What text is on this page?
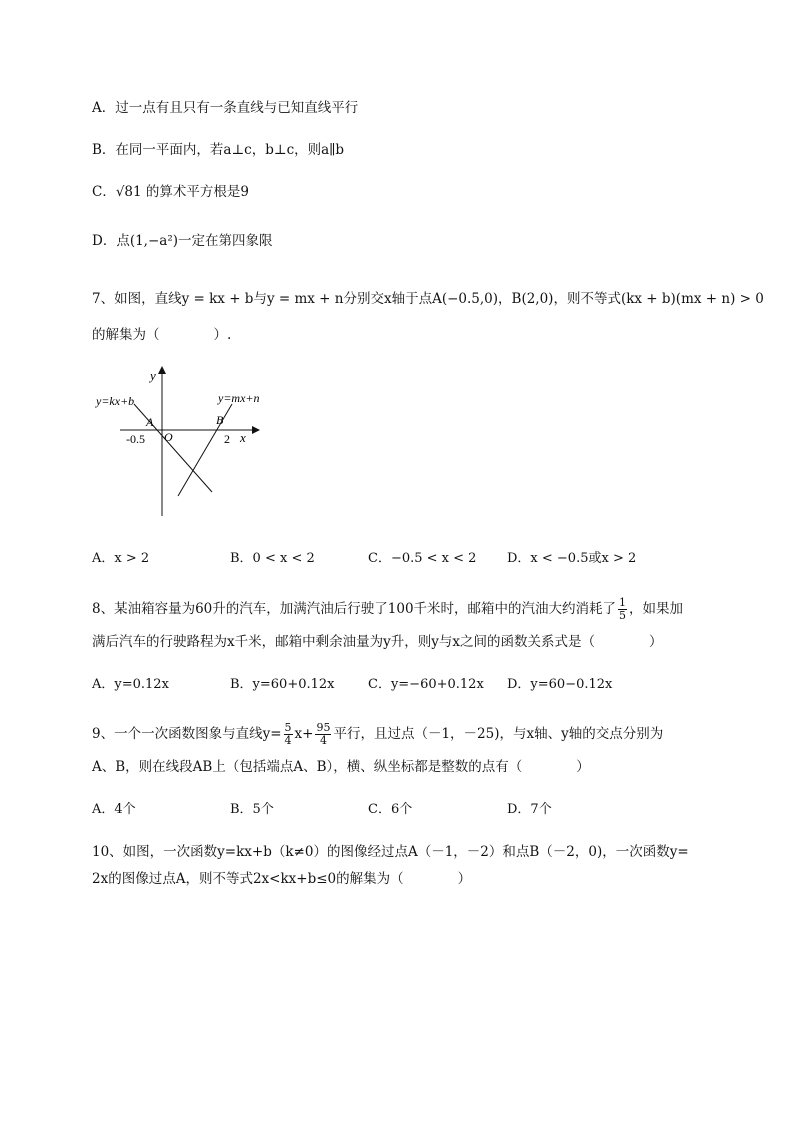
A．过一点有且只有一条直线与已知直线平行
B．在同一平面内，若a⊥c，b⊥c，则a∥b
C．√81 的算术平方根是9
D．点(1,−a²)一定在第四象限
7、如图，直线y = kx + b与y = mx + n分别交x轴于点A(−0.5,0)，B(2,0)，则不等式(kx + b)(mx + n) > 0
的解集为（　　　　）.
y
x
y=kx+b	y=mx+n
A	B
O
-0.5	2
A．x > 2	B．0 < x < 2	C．−0.5 < x < 2 D．x < −0.5或x > 2
8、某油箱容量为60升的汽车，加满汽油后行驶了100千米时，邮箱中的汽油大约消耗了 $\frac{1}{5}$ ，如果加
满后汽车的行驶路程为x千米，邮箱中剩余油量为y升，则y与x之间的函数关系式是（　　　　）
A．y=0.12x	B．y=60+0.12x	C．y=−60+0.12x D．y=60−0.12x
9、一个一次函数图象与直线$y= \frac{5}{4} x+ \frac{95}{4}$ 平行，且过点（－1，－25)，与x轴、y轴的交点分别为
A、B，则在线段AB上（包括端点A、B），横、纵坐标都是整数的点有（　　　　）
A．4个	B．5个	C．6个	D．7个
10、如图，一次函数y=kx+b（k≠0）的图像经过点A（－1，－2）和点B（－2，0)，一次函数y=
2x的图像过点A，则不等式2x<kx+b≤0的解集为（　　　　）
